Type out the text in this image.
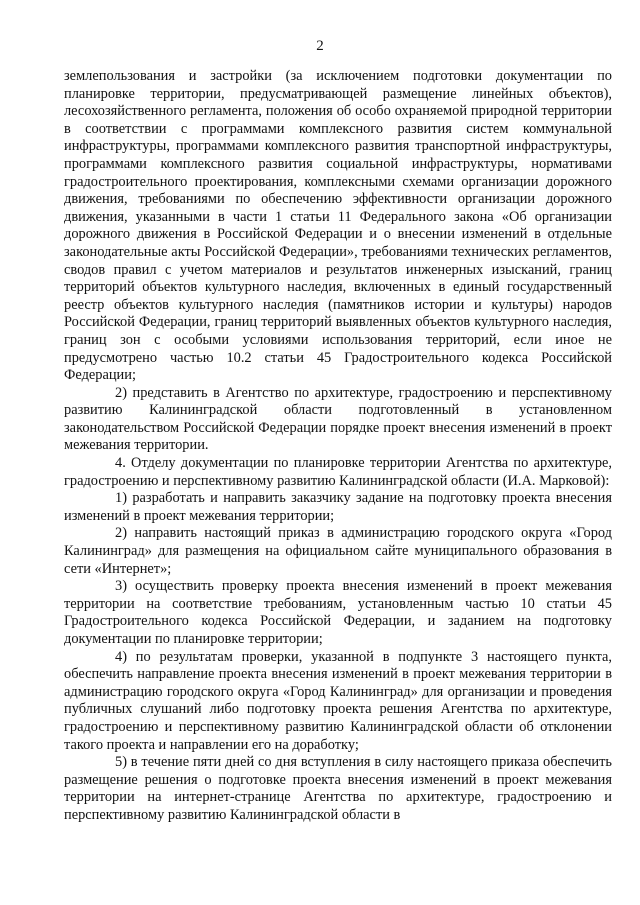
2

землепользования и застройки (за исключением подготовки документации по планировке территории, предусматривающей размещение линейных объектов), лесохозяйственного регламента, положения об особо охраняемой природной территории в соответствии с программами комплексного развития систем коммунальной инфраструктуры, программами комплексного развития транспортной инфраструктуры, программами комплексного развития социальной инфраструктуры, нормативами градостроительного проектирования, комплексными схемами организации дорожного движения, требованиями по обеспечению эффективности организации дорожного движения, указанными в части 1 статьи 11 Федерального закона «Об организации дорожного движения в Российской Федерации и о внесении изменений в отдельные законодательные акты Российской Федерации», требованиями технических регламентов, сводов правил с учетом материалов и результатов инженерных изысканий, границ территорий объектов культурного наследия, включенных в единый государственный реестр объектов культурного наследия (памятников истории и культуры) народов Российской Федерации, границ территорий выявленных объектов культурного наследия, границ зон с особыми условиями использования территорий, если иное не предусмотрено частью 10.2 статьи 45 Градостроительного кодекса Российской Федерации;

2) представить в Агентство по архитектуре, градостроению и перспективному развитию Калининградской области подготовленный в установленном законодательством Российской Федерации порядке проект внесения изменений в проект межевания территории.

4. Отделу документации по планировке территории Агентства по архитектуре, градостроению и перспективному развитию Калининградской области (И.А. Марковой):

1) разработать и направить заказчику задание на подготовку проекта внесения изменений в проект межевания территории;

2) направить настоящий приказ в администрацию городского округа «Город Калининград» для размещения на официальном сайте муниципального образования в сети «Интернет»;

3) осуществить проверку проекта внесения изменений в проект межевания территории на соответствие требованиям, установленным частью 10 статьи 45 Градостроительного кодекса Российской Федерации, и заданием на подготовку документации по планировке территории;

4) по результатам проверки, указанной в подпункте 3 настоящего пункта, обеспечить направление проекта внесения изменений в проект межевания территории в администрацию городского округа «Город Калининград» для организации и проведения публичных слушаний либо подготовку проекта решения Агентства по архитектуре, градостроению и перспективному развитию Калининградской области об отклонении такого проекта и направлении его на доработку;

5) в течение пяти дней со дня вступления в силу настоящего приказа обеспечить размещение решения о подготовке проекта внесения изменений в проект межевания территории на интернет-странице Агентства по архитектуре, градостроению и перспективному развитию Калининградской области в
